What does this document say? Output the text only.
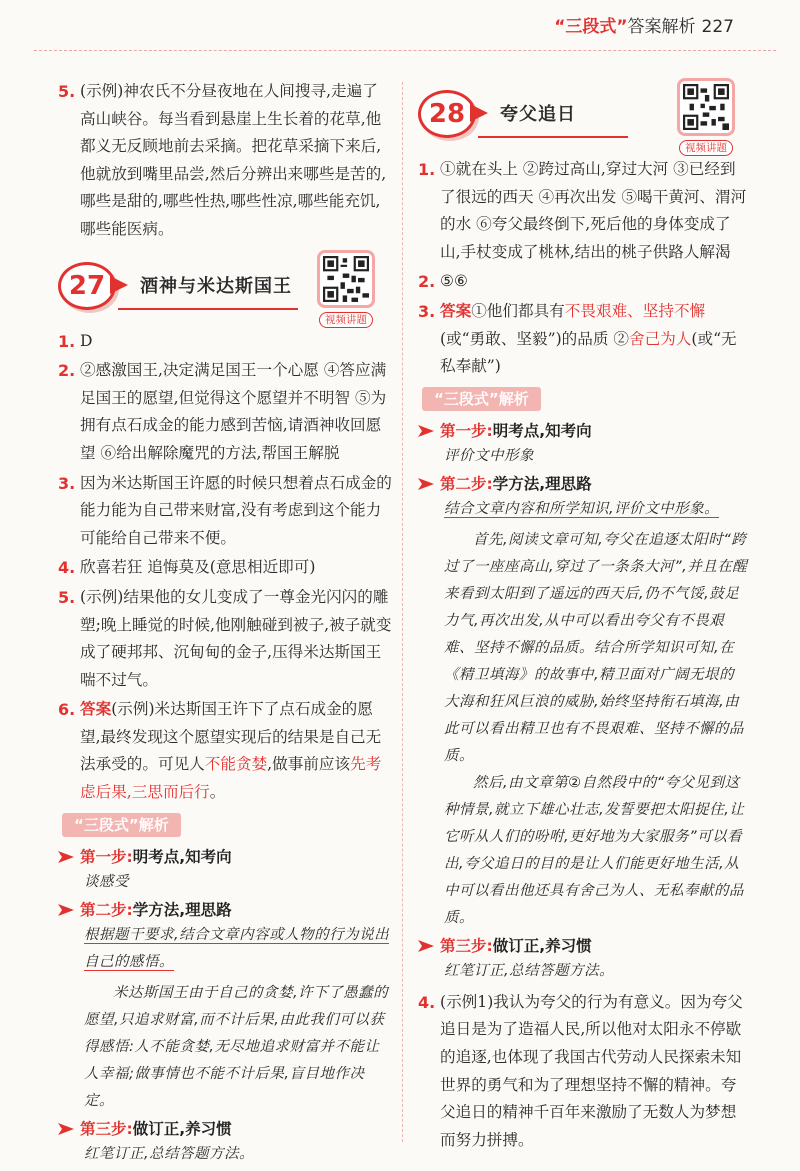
“三段式”答案解析 227
5. (示例)神农氏不分昼夜地在人间搜寻,走遍了高山峡谷。每当看到悬崖上生长着的花草,他都义无反顾地前去采摘。把花草采摘下来后,他就放到嘴里品尝,然后分辨出来哪些是苦的,哪些是甜的,哪些性热,哪些性凉,哪些能充饥,哪些能医病。
27	酒神与米达斯国王
视频讲题
1. D
2. ②感激国王,决定满足国王一个心愿 ④答应满足国王的愿望,但觉得这个愿望并不明智 ⑤为拥有点石成金的能力感到苦恼,请酒神收回愿望 ⑥给出解除魔咒的方法,帮国王解脱
3. 因为米达斯国王许愿的时候只想着点石成金的能力能为自己带来财富,没有考虑到这个能力可能给自己带来不便。
4. 欣喜若狂 追悔莫及(意思相近即可)
5. (示例)结果他的女儿变成了一尊金光闪闪的雕塑;晚上睡觉的时候,他刚触碰到被子,被子就变成了硬邦邦、沉甸甸的金子,压得米达斯国王喘不过气。
6. 答案(示例)米达斯国王许下了点石成金的愿望,最终发现这个愿望实现后的结果是自己无法承受的。可见人不能贪婪,做事前应该先考虑后果,三思而后行。
“三段式”解析
第一步:明考点,知考向
谈感受
第二步:学方法,理思路
根据题干要求,结合文章内容或人物的行为说出自己的感悟。
米达斯国王由于自己的贪婪,许下了愚蠢的愿望,只追求财富,而不计后果,由此我们可以获得感悟:人不能贪婪,无尽地追求财富并不能让人幸福;做事情也不能不计后果,盲目地作决定。
第三步:做订正,养习惯
红笔订正,总结答题方法。
28	夸父追日
视频讲题
1. ①就在头上 ②跨过高山,穿过大河 ③已经到了很远的西天 ④再次出发 ⑤喝干黄河、渭河的水 ⑥夸父最终倒下,死后他的身体变成了山,手杖变成了桃林,结出的桃子供路人解渴
2. ⑤⑥
3. 答案①他们都具有不畏艰难、坚持不懈(或“勇敢、坚毅”)的品质 ②舍己为人(或“无私奉献”)
“三段式”解析
第一步:明考点,知考向
评价文中形象
第二步:学方法,理思路
结合文章内容和所学知识,评价文中形象。
首先,阅读文章可知,夸父在追逐太阳时“跨过了一座座高山,穿过了一条条大河”,并且在醒来看到太阳到了遥远的西天后,仍不气馁,鼓足力气,再次出发,从中可以看出夸父有不畏艰难、坚持不懈的品质。结合所学知识可知,在《精卫填海》的故事中,精卫面对广阔无垠的大海和狂风巨浪的威胁,始终坚持衔石填海,由此可以看出精卫也有不畏艰难、坚持不懈的品质。
然后,由文章第②自然段中的“夸父见到这种情景,就立下雄心壮志,发誓要把太阳捉住,让它听从人们的吩咐,更好地为大家服务”可以看出,夸父追日的目的是让人们能更好地生活,从中可以看出他还具有舍己为人、无私奉献的品质。
第三步:做订正,养习惯
红笔订正,总结答题方法。
4. (示例1)我认为夸父的行为有意义。因为夸父追日是为了造福人民,所以他对太阳永不停歇的追逐,也体现了我国古代劳动人民探索未知世界的勇气和为了理想坚持不懈的精神。夸父追日的精神千百年来激励了无数人为梦想而努力拼搏。
